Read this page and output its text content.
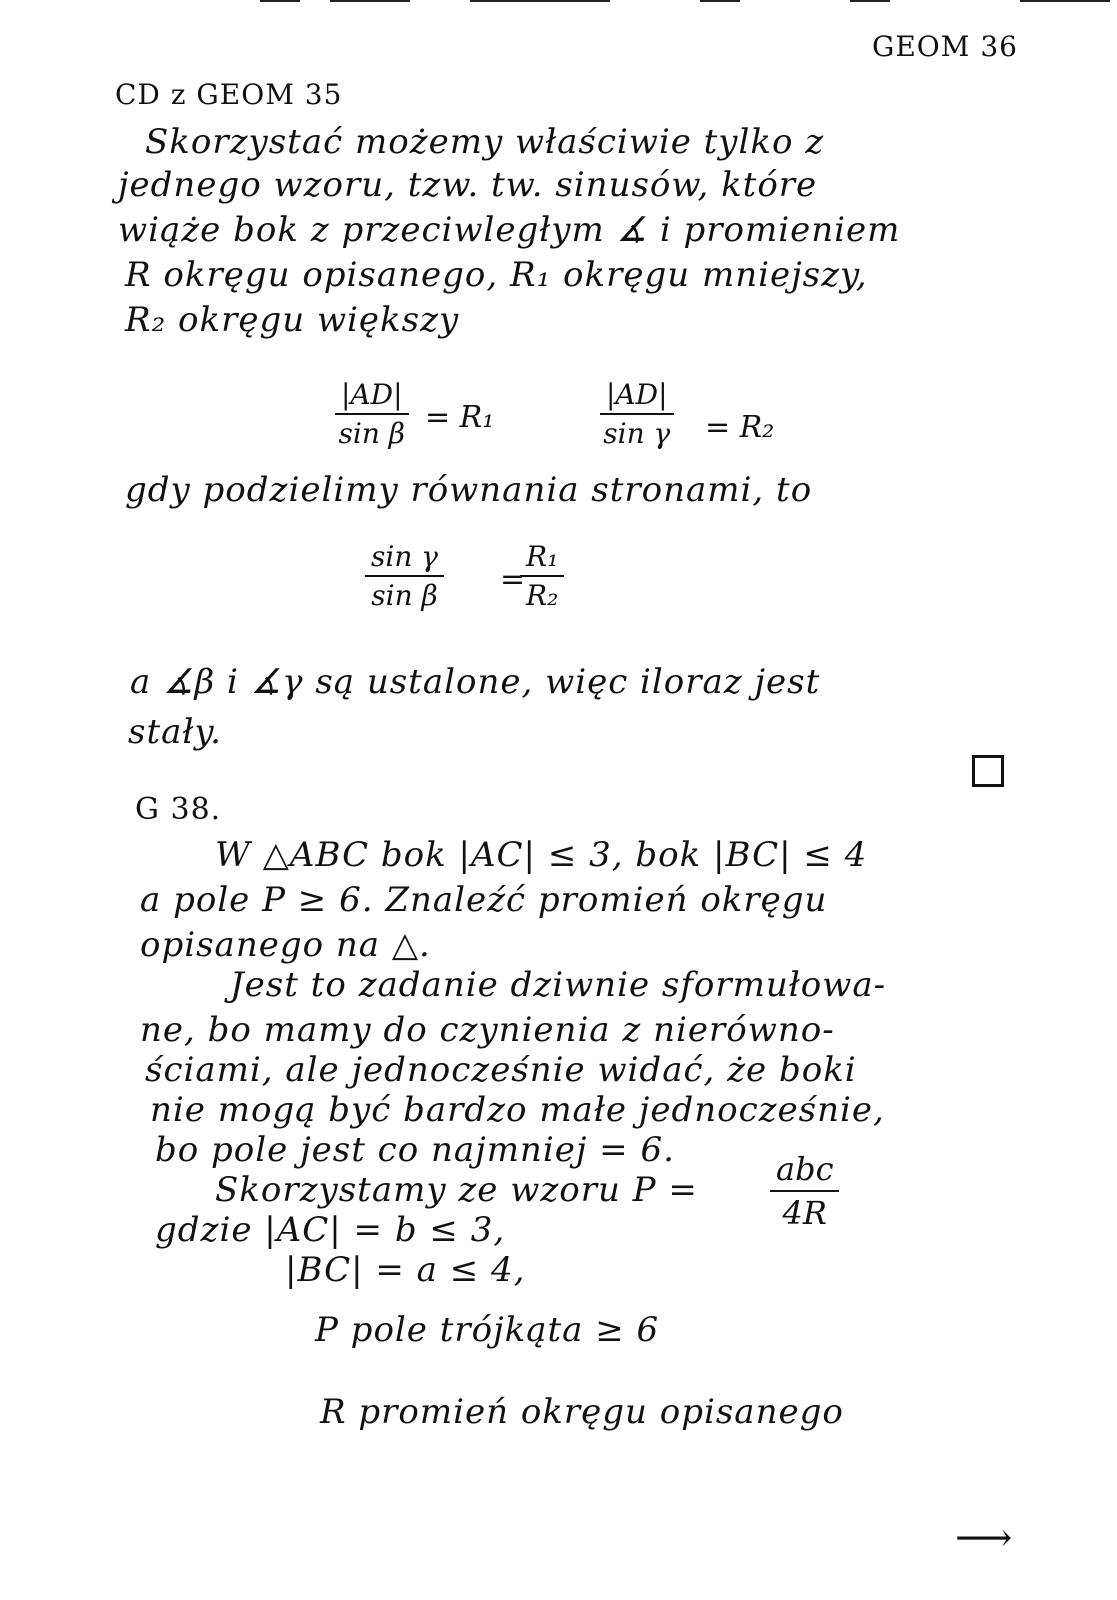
GEOM 36
CD z GEOM 35
Skorzystać możemy właściwie tylko z
jednego wzoru, tzw. tw. sinusów, które
wiąże bok z przeciwległym ∡ i promieniem
R okręgu opisanego, R₁ okręgu mniejszy,
R₂ okręgu większy
$\frac{|AD|}{\text{sin β}} = R_1$	$\frac{|AD|}{\text{sin γ}} = R_2$
gdy podzielimy równania stronami, to
$\frac{\text{sin γ}}{\text{sin β}}$ =
$\frac{\text{R₁}}{\text{R₂}}$
a ∡β i ∡γ są ustalone, więc iloraz jest
stały.
G 38.
W △ABC bok |AC| ≤ 3, bok |BC| ≤ 4
a pole P ≥ 6. Znaleźć promień okręgu
opisanego na △.
Jest to zadanie dziwnie sformułowa-
ne, bo mamy do czynienia z nierówno-
ściami, ale jednocześnie widać, że boki
nie mogą być bardzo małe jednocześnie,
bo pole jest co najmniej = 6.
Skorzystamy ze wzoru P =
abc
4R
gdzie |AC| = b ≤ 3,
|BC| = a ≤ 4,
P pole trójkąta ≥ 6
R promień okręgu opisanego
⟶
